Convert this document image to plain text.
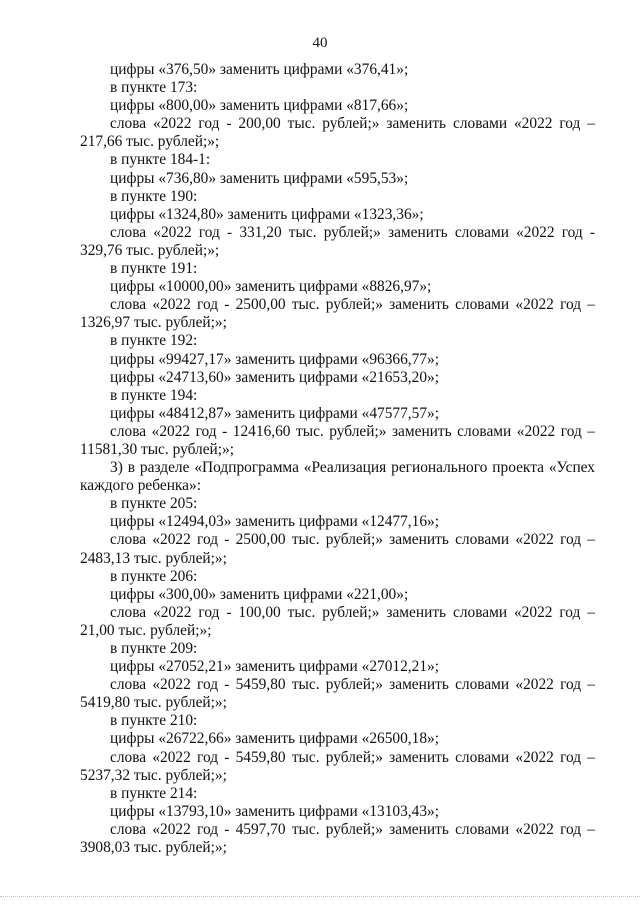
40
цифры «376,50» заменить цифрами «376,41»;
в пункте 173:
цифры «800,00» заменить цифрами «817,66»;
слова «2022 год - 200,00 тыс. рублей;» заменить словами «2022 год –
217,66 тыс. рублей;»;
в пункте 184-1:
цифры «736,80» заменить цифрами «595,53»;
в пункте 190:
цифры «1324,80» заменить цифрами «1323,36»;
слова «2022 год - 331,20 тыс. рублей;» заменить словами «2022 год -
329,76 тыс. рублей;»;
в пункте 191:
цифры «10000,00» заменить цифрами «8826,97»;
слова «2022 год - 2500,00 тыс. рублей;» заменить словами «2022 год –
1326,97 тыс. рублей;»;
в пункте 192:
цифры «99427,17» заменить цифрами «96366,77»;
цифры «24713,60» заменить цифрами «21653,20»;
в пункте 194:
цифры «48412,87» заменить цифрами «47577,57»;
слова «2022 год - 12416,60 тыс. рублей;» заменить словами «2022 год –
11581,30 тыс. рублей;»;
3) в разделе «Подпрограмма «Реализация регионального проекта «Успех
каждого ребенка»:
в пункте 205:
цифры «12494,03» заменить цифрами «12477,16»;
слова «2022 год - 2500,00 тыс. рублей;» заменить словами «2022 год –
2483,13 тыс. рублей;»;
в пункте 206:
цифры «300,00» заменить цифрами «221,00»;
слова «2022 год - 100,00 тыс. рублей;» заменить словами «2022 год –
21,00 тыс. рублей;»;
в пункте 209:
цифры «27052,21» заменить цифрами «27012,21»;
слова «2022 год - 5459,80 тыс. рублей;» заменить словами «2022 год –
5419,80 тыс. рублей;»;
в пункте 210:
цифры «26722,66» заменить цифрами «26500,18»;
слова «2022 год - 5459,80 тыс. рублей;» заменить словами «2022 год –
5237,32 тыс. рублей;»;
в пункте 214:
цифры «13793,10» заменить цифрами «13103,43»;
слова «2022 год - 4597,70 тыс. рублей;» заменить словами «2022 год –
3908,03 тыс. рублей;»;
